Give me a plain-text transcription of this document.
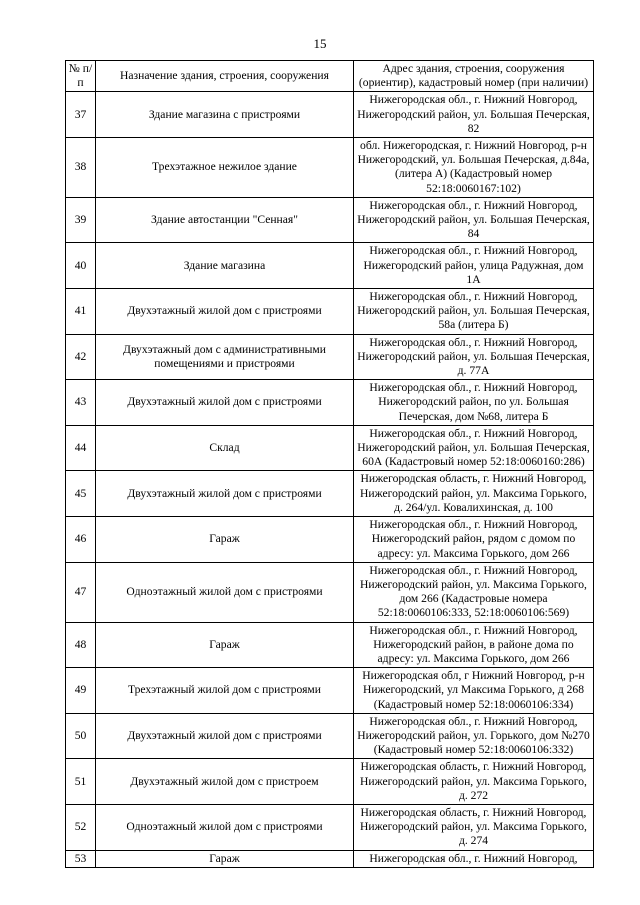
15
№ п/п	Назначение здания, строения, сооружения	Адрес здания, строения, сооружения (ориентир), кадастровый номер (при наличии)
37	Здание магазина с пристроями	Нижегородская обл., г. Нижний Новгород, Нижегородский район, ул. Большая Печерская, 82
38	Трехэтажное нежилое здание	обл. Нижегородская, г. Нижний Новгород, р-н Нижегородский, ул. Большая Печерская, д.84а, (литера А) (Кадастровый номер 52:18:0060167:102)
39	Здание автостанции "Сенная"	Нижегородская обл., г. Нижний Новгород, Нижегородский район, ул. Большая Печерская, 84
40	Здание магазина	Нижегородская обл., г. Нижний Новгород, Нижегородский район, улица Радужная, дом 1А
41	Двухэтажный жилой дом с пристроями	Нижегородская обл., г. Нижний Новгород, Нижегородский район, ул. Большая Печерская, 58а (литера Б)
42	Двухэтажный дом с административными помещениями и пристроями	Нижегородская обл., г. Нижний Новгород, Нижегородский район, ул. Большая Печерская, д. 77А
43	Двухэтажный жилой дом с пристроями	Нижегородская обл., г. Нижний Новгород, Нижегородский район, по ул. Большая Печерская, дом №68, литера Б
44	Склад	Нижегородская обл., г. Нижний Новгород, Нижегородский район, ул. Большая Печерская, 60А (Кадастровый номер 52:18:0060160:286)
45	Двухэтажный жилой дом с пристроями	Нижегородская область, г. Нижний Новгород, Нижегородский район, ул. Максима Горького, д. 264/ул. Ковалихинская, д. 100
46	Гараж	Нижегородская обл., г. Нижний Новгород, Нижегородский район, рядом с домом по адресу: ул. Максима Горького, дом 266
47	Одноэтажный жилой дом с пристроями	Нижегородская обл., г. Нижний Новгород, Нижегородский район, ул. Максима Горького, дом 266 (Кадастровые номера 52:18:0060106:333, 52:18:0060106:569)
48	Гараж	Нижегородская обл., г. Нижний Новгород, Нижегородский район, в районе дома по адресу: ул. Максима Горького, дом 266
49	Трехэтажный жилой дом с пристроями	Нижегородская обл, г Нижний Новгород, р-н Нижегородский, ул Максима Горького, д 268 (Кадастровый номер 52:18:0060106:334)
50	Двухэтажный жилой дом с пристроями	Нижегородская обл., г. Нижний Новгород, Нижегородский район, ул. Горького, дом №270 (Кадастровый номер 52:18:0060106:332)
51	Двухэтажный жилой дом с пристроем	Нижегородская область, г. Нижний Новгород, Нижегородский район, ул. Максима Горького, д. 272
52	Одноэтажный жилой дом с пристроями	Нижегородская область, г. Нижний Новгород, Нижегородский район, ул. Максима Горького, д. 274
53	Гараж	Нижегородская обл., г. Нижний Новгород,
